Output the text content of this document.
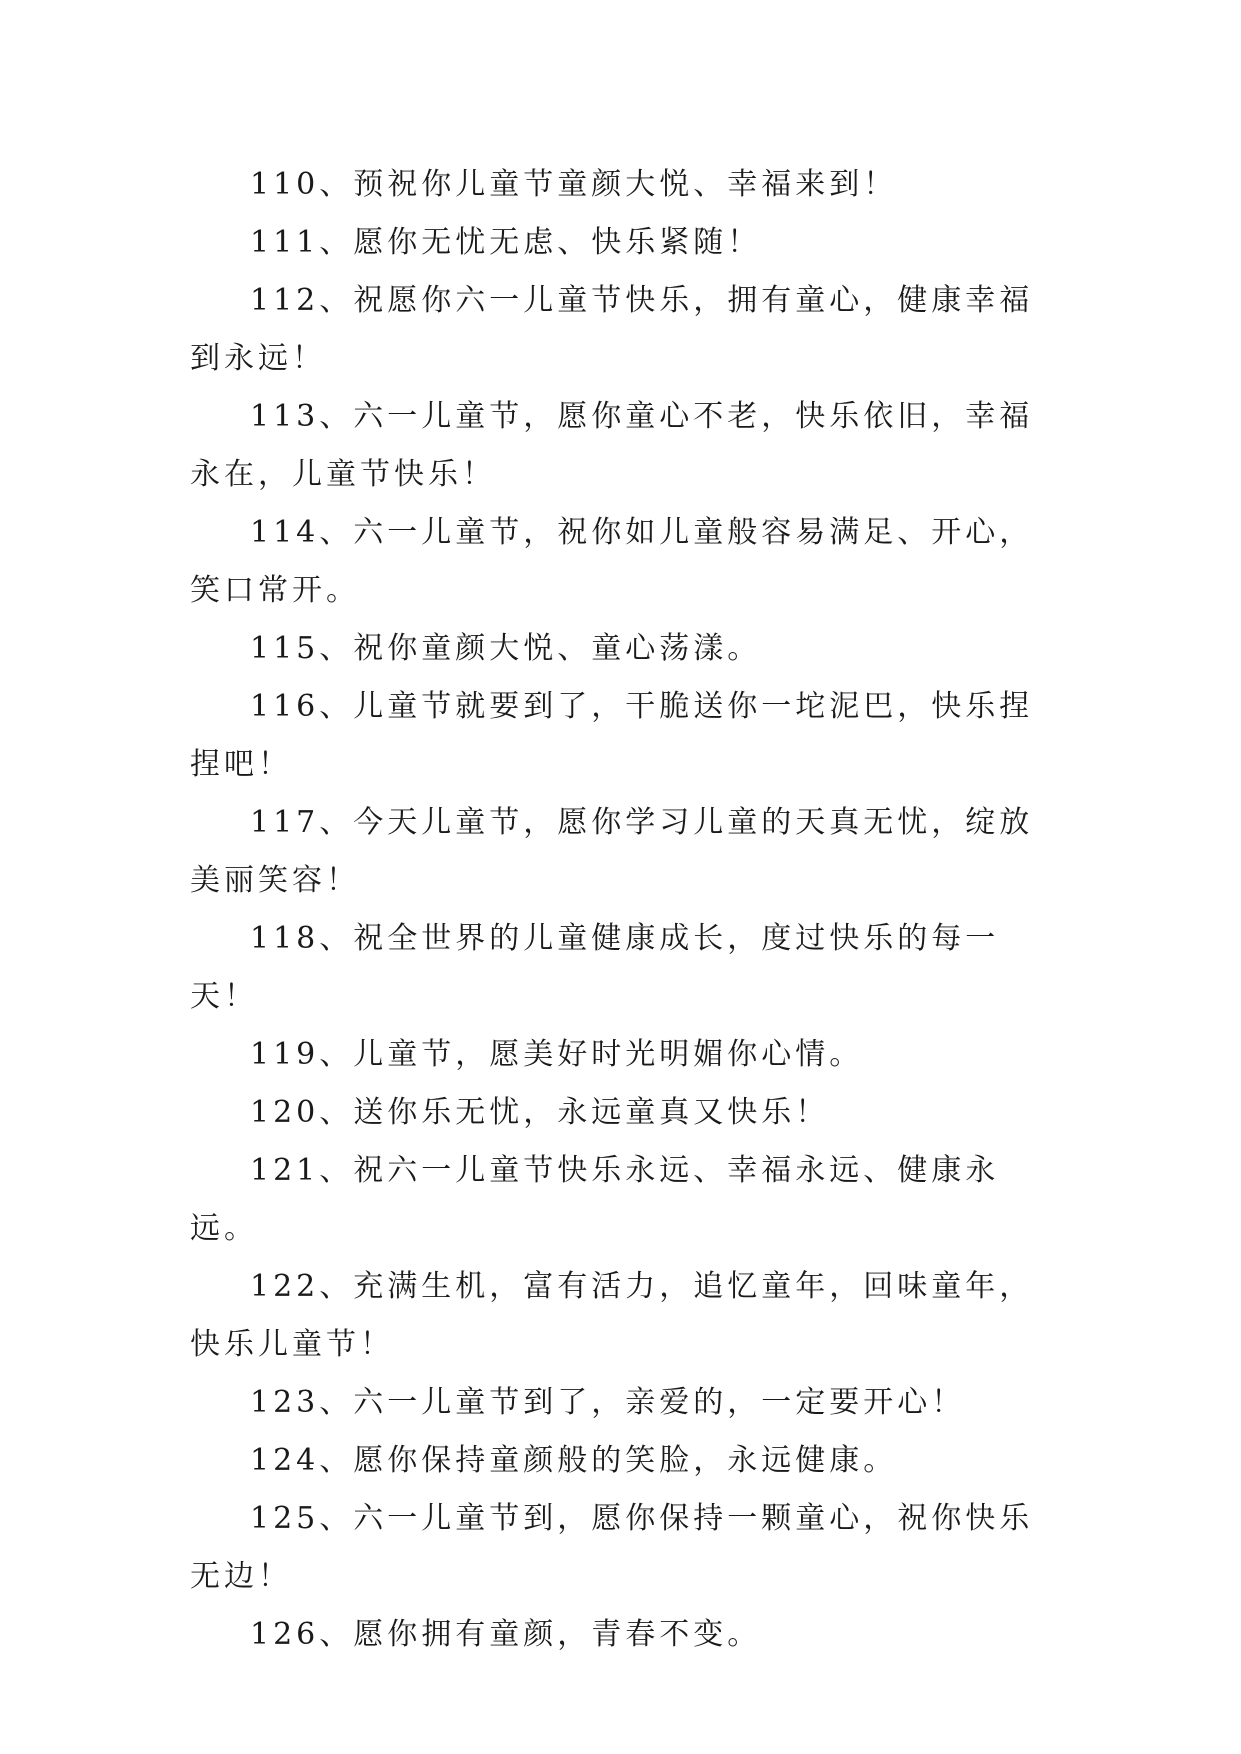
110、预祝你儿童节童颜大悦、幸福来到！

111、愿你无忧无虑、快乐紧随！

112、祝愿你六一儿童节快乐，拥有童心，健康幸福到永远！

113、六一儿童节，愿你童心不老，快乐依旧，幸福永在，儿童节快乐！

114、六一儿童节，祝你如儿童般容易满足、开心，笑口常开。

115、祝你童颜大悦、童心荡漾。

116、儿童节就要到了，干脆送你一坨泥巴，快乐捏捏吧！

117、今天儿童节，愿你学习儿童的天真无忧，绽放美丽笑容！

118、祝全世界的儿童健康成长，度过快乐的每一天！

119、儿童节，愿美好时光明媚你心情。

120、送你乐无忧，永远童真又快乐！

121、祝六一儿童节快乐永远、幸福永远、健康永远。

122、充满生机，富有活力，追忆童年，回味童年，快乐儿童节！

123、六一儿童节到了，亲爱的，一定要开心！

124、愿你保持童颜般的笑脸，永远健康。

125、六一儿童节到，愿你保持一颗童心，祝你快乐无边！

126、愿你拥有童颜，青春不变。
